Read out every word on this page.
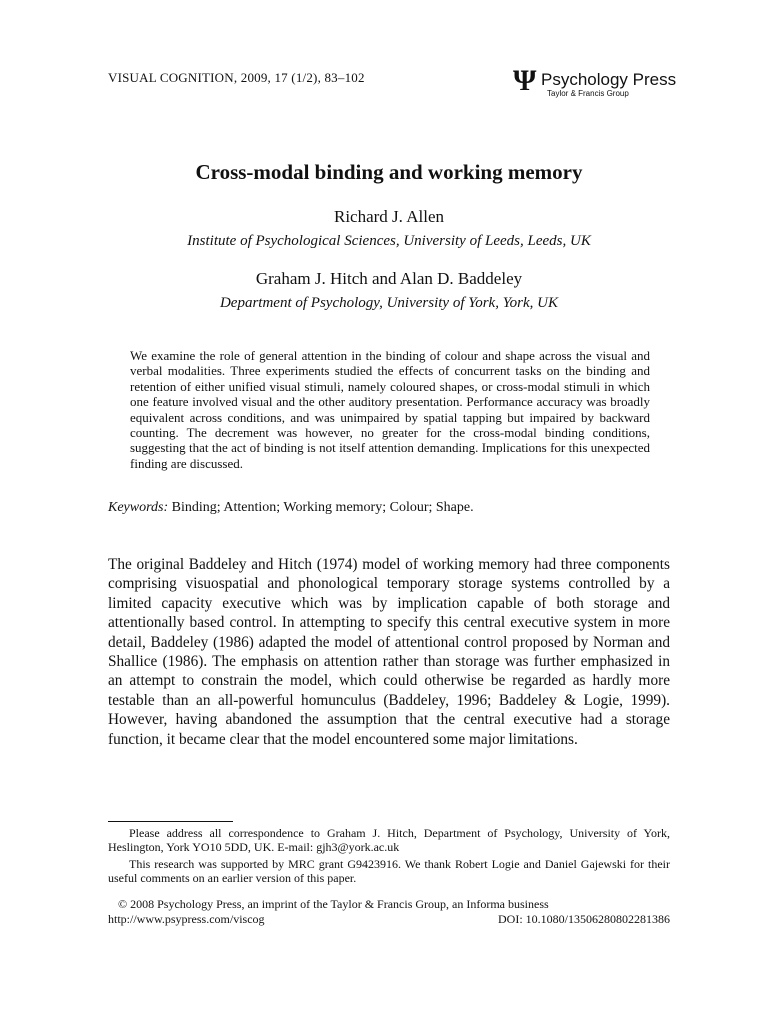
VISUAL COGNITION, 2009, 17 (1/2), 83–102	Ψ Psychology Press
Taylor & Francis Group
Cross-modal binding and working memory
Richard J. Allen
Institute of Psychological Sciences, University of Leeds, Leeds, UK
Graham J. Hitch and Alan D. Baddeley
Department of Psychology, University of York, York, UK
We examine the role of general attention in the binding of colour and shape across the visual and verbal modalities. Three experiments studied the effects of concurrent tasks on the binding and retention of either unified visual stimuli, namely coloured shapes, or cross-modal stimuli in which one feature involved visual and the other auditory presentation. Performance accuracy was broadly equivalent across conditions, and was unimpaired by spatial tapping but impaired by backward counting. The decrement was however, no greater for the cross-modal binding conditions, suggesting that the act of binding is not itself attention demanding. Implications for this unexpected finding are discussed.
Keywords: Binding; Attention; Working memory; Colour; Shape.
The original Baddeley and Hitch (1974) model of working memory had three components comprising visuospatial and phonological temporary storage systems controlled by a limited capacity executive which was by implication capable of both storage and attentionally based control. In attempting to specify this central executive system in more detail, Baddeley (1986) adapted the model of attentional control proposed by Norman and Shallice (1986). The emphasis on attention rather than storage was further emphasized in an attempt to constrain the model, which could otherwise be regarded as hardly more testable than an all-powerful homunculus (Baddeley, 1996; Baddeley & Logie, 1999). However, having abandoned the assumption that the central executive had a storage function, it became clear that the model encountered some major limitations.
Please address all correspondence to Graham J. Hitch, Department of Psychology, University of York, Heslington, York YO10 5DD, UK. E-mail: gjh3@york.ac.uk
This research was supported by MRC grant G9423916. We thank Robert Logie and Daniel Gajewski for their useful comments on an earlier version of this paper.
© 2008 Psychology Press, an imprint of the Taylor & Francis Group, an Informa business
http://www.psypress.com/viscog	DOI: 10.1080/13506280802281386
